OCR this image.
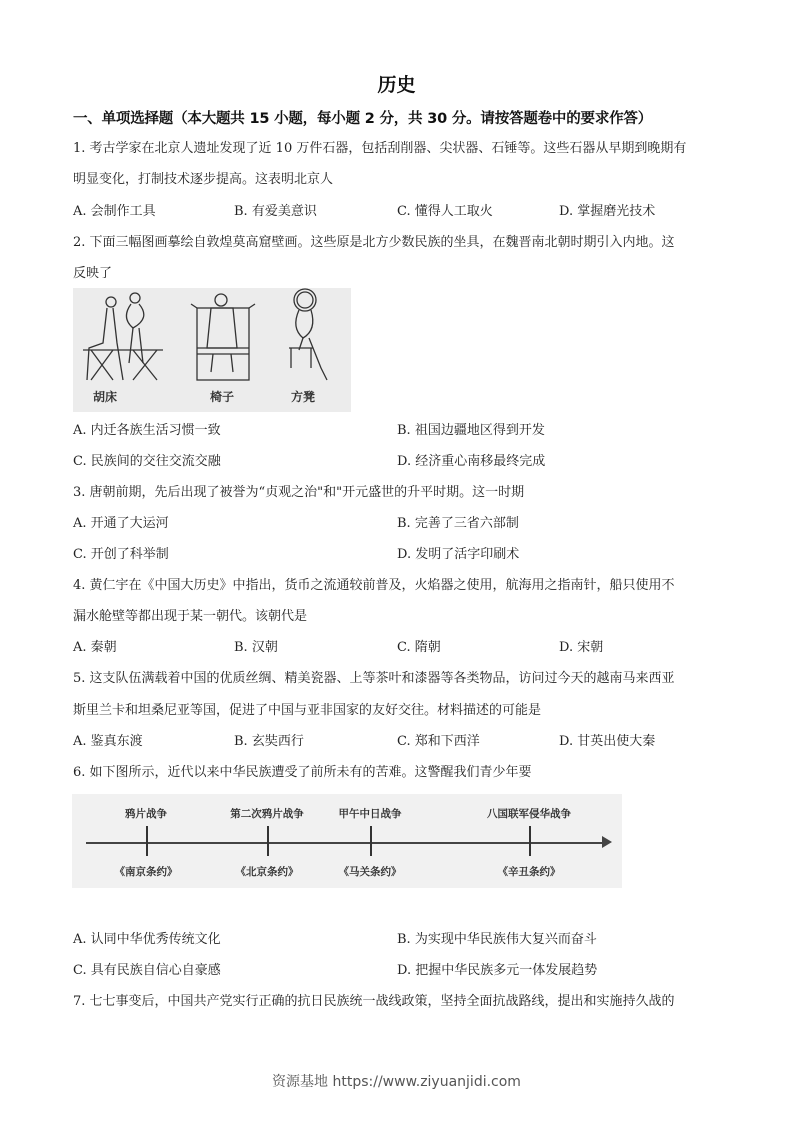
历史
一、单项选择题（本大题共 15 小题，每小题 2 分，共 30 分。请按答题卷中的要求作答）
1. 考古学家在北京人遗址发现了近 10 万件石器，包括刮削器、尖状器、石锤等。这些石器从早期到晚期有
明显变化，打制技术逐步提高。这表明北京人
A. 会制作工具	B. 有爱美意识	C. 懂得人工取火	D. 掌握磨光技术
2. 下面三幅图画摹绘自敦煌莫高窟壁画。这些原是北方少数民族的坐具，在魏晋南北朝时期引入内地。这
反映了
胡床	椅子	方凳
A. 内迁各族生活习惯一致	B. 祖国边疆地区得到开发
C. 民族间的交往交流交融	D. 经济重心南移最终完成
3. 唐朝前期，先后出现了被誉为“贞观之治"和"开元盛世的升平时期。这一时期
A. 开通了大运河	B. 完善了三省六部制
C. 开创了科举制	D. 发明了活字印刷术
4. 黄仁宇在《中国大历史》中指出，货币之流通较前普及，火焰器之使用，航海用之指南针，船只使用不
漏水舱壁等都出现于某一朝代。该朝代是
A. 秦朝	B. 汉朝	C. 隋朝	D. 宋朝
5. 这支队伍满载着中国的优质丝绸、精美瓷器、上等茶叶和漆器等各类物品，访问过今天的越南马来西亚
斯里兰卡和坦桑尼亚等国，促进了中国与亚非国家的友好交往。材料描述的可能是
A. 鉴真东渡	B. 玄奘西行	C. 郑和下西洋	D. 甘英出使大秦
6. 如下图所示，近代以来中华民族遭受了前所未有的苦难。这警醒我们青少年要
鸦片战争
《南京条约》
第二次鸦片战争
《北京条约》
甲午中日战争
《马关条约》
八国联军侵华战争
《辛丑条约》
A. 认同中华优秀传统文化	B. 为实现中华民族伟大复兴而奋斗
C. 具有民族自信心自豪感	D. 把握中华民族多元一体发展趋势
7. 七七事变后，中国共产党实行正确的抗日民族统一战线政策，坚持全面抗战路线，提出和实施持久战的
资源基地 https://www.ziyuanjidi.com
